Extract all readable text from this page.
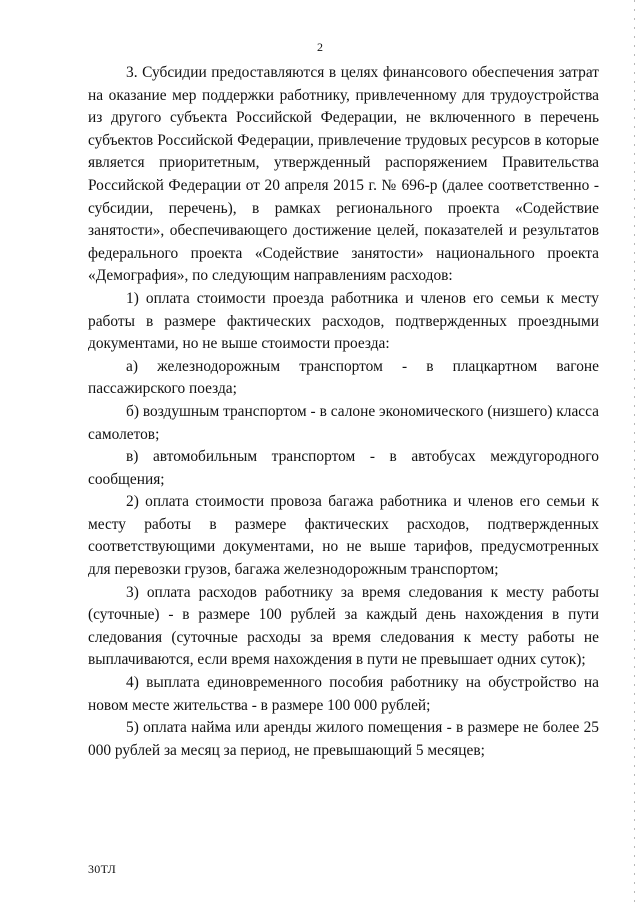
2

3. Субсидии предоставляются в целях финансового обеспечения затрат на оказание мер поддержки работнику, привлеченному для трудоустройства из другого субъекта Российской Федерации, не включенного в перечень субъектов Российской Федерации, привлечение трудовых ресурсов в которые является приоритетным, утвержденный распоряжением Правительства Российской Федерации от 20 апреля 2015 г. № 696-р (далее соответственно - субсидии, перечень), в рамках регионального проекта «Содействие занятости», обеспечивающего достижение целей, показателей и результатов федерального проекта «Содействие занятости» национального проекта «Демография», по следующим направлениям расходов:

1) оплата стоимости проезда работника и членов его семьи к месту работы в размере фактических расходов, подтвержденных проездными документами, но не выше стоимости проезда:

а) железнодорожным транспортом - в плацкартном вагоне пассажирского поезда;

б) воздушным транспортом - в салоне экономического (низшего) класса самолетов;

в) автомобильным транспортом - в автобусах междугородного сообщения;

2) оплата стоимости провоза багажа работника и членов его семьи к месту работы в размере фактических расходов, подтвержденных соответствующими документами, но не выше тарифов, предусмотренных для перевозки грузов, багажа железнодорожным транспортом;

3) оплата расходов работнику за время следования к месту работы (суточные) - в размере 100 рублей за каждый день нахождения в пути следования (суточные расходы за время следования к месту работы не выплачиваются, если время нахождения в пути не превышает одних суток);

4) выплата единовременного пособия работнику на обустройство на новом месте жительства - в размере 100 000 рублей;

5) оплата найма или аренды жилого помещения - в размере не более 25 000 рублей за месяц за период, не превышающий 5 месяцев;

30ТЛ
